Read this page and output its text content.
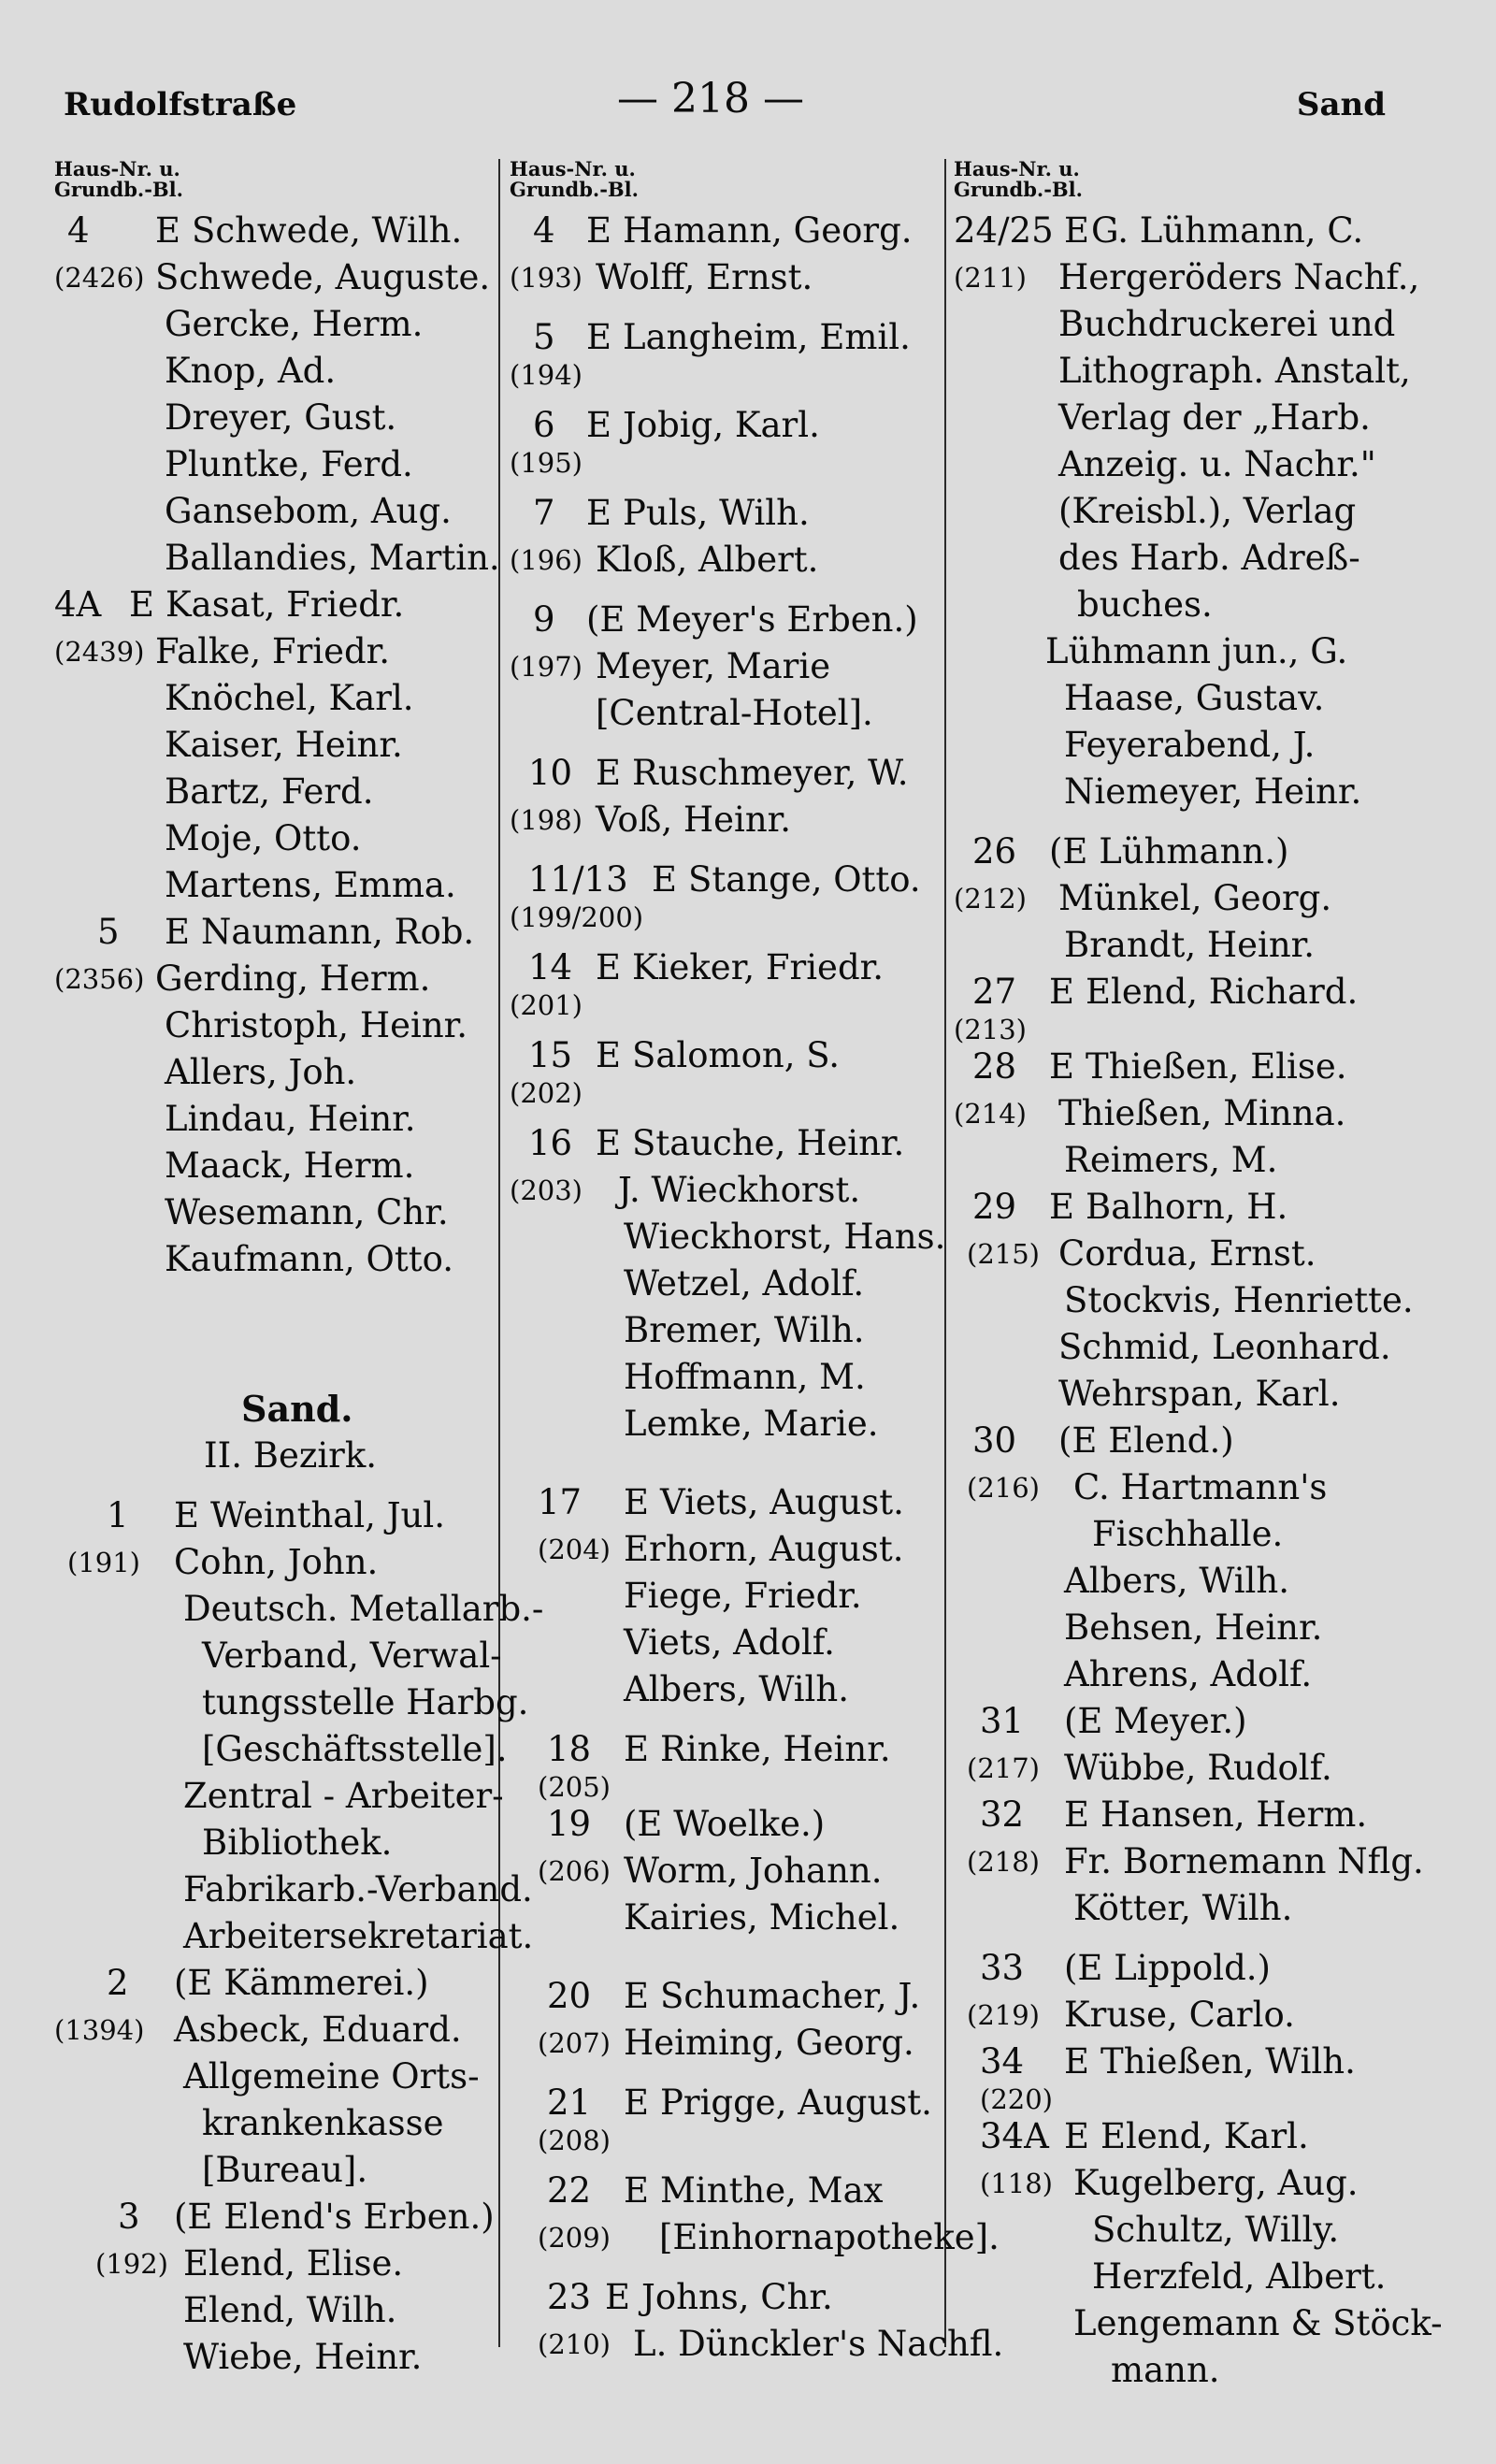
Rudolfstraße	— 218 —	Sand
Haus-Nr. u.
Grundb.-Bl.
4 E Schwede, Wilh.
(2426) Schwede, Auguste.
Gercke, Herm.
Knop, Ad.
Dreyer, Gust.
Pluntke, Ferd.
Gansebom, Aug.
Ballandies, Martin.
4A E Kasat, Friedr.
(2439) Falke, Friedr.
Knöchel, Karl.
Kaiser, Heinr.
Bartz, Ferd.
Moje, Otto.
Martens, Emma.
5 E Naumann, Rob.
(2356) Gerding, Herm.
Christoph, Heinr.
Allers, Joh.
Lindau, Heinr.
Maack, Herm.
Wesemann, Chr.
Kaufmann, Otto.
Sand.
II. Bezirk.
1 E Weinthal, Jul.
(191) Cohn, John.
Deutsch. Metallarb.-
Verband, Verwal-
tungsstelle Harbg.
[Geschäftsstelle].
Zentral - Arbeiter-
Bibliothek.
Fabrikarb.-Verband.
Arbeitersekretariat.
2 (E Kämmerei.)
(1394) Asbeck, Eduard.
Allgemeine Orts-
krankenkasse
[Bureau].
3 (E Elend's Erben.)
(192) Elend, Elise.
Elend, Wilh.
Wiebe, Heinr.
Haus-Nr. u.
Grundb.-Bl.
4 E Hamann, Georg.
(193) Wolff, Ernst.
5 E Langheim, Emil.
(194)
6 E Jobig, Karl.
(195)
7 E Puls, Wilh.
(196) Kloß, Albert.
9 (E Meyer's Erben.)
(197) Meyer, Marie
[Central-Hotel].
10 E Ruschmeyer, W.
(198) Voß, Heinr.
11/13 E Stange, Otto.
(199/200)
14 E Kieker, Friedr.
(201)
15 E Salomon, S.
(202)
16 E Stauche, Heinr.
(203) J. Wieckhorst.
Wieckhorst, Hans.
Wetzel, Adolf.
Bremer, Wilh.
Hoffmann, M.
Lemke, Marie.
17 E Viets, August.
(204) Erhorn, August.
Fiege, Friedr.
Viets, Adolf.
Albers, Wilh.
18 E Rinke, Heinr.
(205)
19 (E Woelke.)
(206) Worm, Johann.
Kairies, Michel.
20 E Schumacher, J.
(207) Heiming, Georg.
21 E Prigge, August.
(208)
22 E Minthe, Max
(209) [Einhornapotheke].
23 E Johns, Chr.
(210) L. Dünckler's Nachfl.
Haus-Nr. u.
Grundb.-Bl.
24/25 EG. Lühmann, C.
(211) Hergeröders Nachf.,
Buchdruckerei und
Lithograph. Anstalt,
Verlag der „Harb.
Anzeig. u. Nachr."
(Kreisbl.), Verlag
des Harb. Adreß-
buches.
Lühmann jun., G.
Haase, Gustav.
Feyerabend, J.
Niemeyer, Heinr.
26 (E Lühmann.)
(212) Münkel, Georg.
Brandt, Heinr.
27 E Elend, Richard.
(213)
28 E Thießen, Elise.
(214) Thießen, Minna.
Reimers, M.
29 E Balhorn, H.
(215) Cordua, Ernst.
Stockvis, Henriette.
Schmid, Leonhard.
Wehrspan, Karl.
30 (E Elend.)
(216) C. Hartmann's
Fischhalle.
Albers, Wilh.
Behsen, Heinr.
Ahrens, Adolf.
31 (E Meyer.)
(217) Wübbe, Rudolf.
32 E Hansen, Herm.
(218) Fr. Bornemann Nflg.
Kötter, Wilh.
33 (E Lippold.)
(219) Kruse, Carlo.
34 E Thießen, Wilh.
(220)
34A E Elend, Karl.
(118) Kugelberg, Aug.
Schultz, Willy.
Herzfeld, Albert.
Lengemann & Stöck-
mann.
